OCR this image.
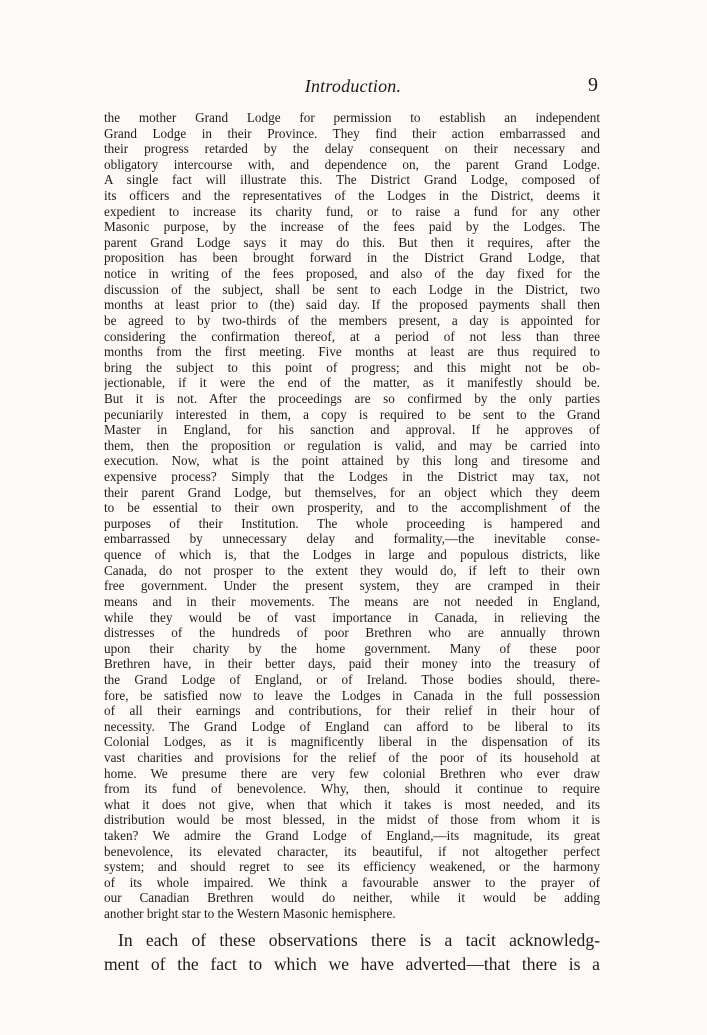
Introduction.	9

the mother Grand Lodge for permission to establish an independent
Grand Lodge in their Province. They find their action embarrassed and
their progress retarded by the delay consequent on their necessary and
obligatory intercourse with, and dependence on, the parent Grand Lodge.
A single fact will illustrate this. The District Grand Lodge, composed of
its officers and the representatives of the Lodges in the District, deems it
expedient to increase its charity fund, or to raise a fund for any other
Masonic purpose, by the increase of the fees paid by the Lodges. The
parent Grand Lodge says it may do this. But then it requires, after the
proposition has been brought forward in the District Grand Lodge, that
notice in writing of the fees proposed, and also of the day fixed for the
discussion of the subject, shall be sent to each Lodge in the District, two
months at least prior to (the) said day. If the proposed payments shall then
be agreed to by two-thirds of the members present, a day is appointed for
considering the confirmation thereof, at a period of not less than three
months from the first meeting. Five months at least are thus required to
bring the subject to this point of progress; and this might not be ob-
jectionable, if it were the end of the matter, as it manifestly should be.
But it is not. After the proceedings are so confirmed by the only parties
pecuniarily interested in them, a copy is required to be sent to the Grand
Master in England, for his sanction and approval. If he approves of
them, then the proposition or regulation is valid, and may be carried into
execution. Now, what is the point attained by this long and tiresome and
expensive process? Simply that the Lodges in the District may tax, not
their parent Grand Lodge, but themselves, for an object which they deem
to be essential to their own prosperity, and to the accomplishment of the
purposes of their Institution. The whole proceeding is hampered and
embarrassed by unnecessary delay and formality,—the inevitable conse-
quence of which is, that the Lodges in large and populous districts, like
Canada, do not prosper to the extent they would do, if left to their own
free government. Under the present system, they are cramped in their
means and in their movements. The means are not needed in England,
while they would be of vast importance in Canada, in relieving the
distresses of the hundreds of poor Brethren who are annually thrown
upon their charity by the home government. Many of these poor
Brethren have, in their better days, paid their money into the treasury of
the Grand Lodge of England, or of Ireland. Those bodies should, there-
fore, be satisfied now to leave the Lodges in Canada in the full possession
of all their earnings and contributions, for their relief in their hour of
necessity. The Grand Lodge of England can afford to be liberal to its
Colonial Lodges, as it is magnificently liberal in the dispensation of its
vast charities and provisions for the relief of the poor of its household at
home. We presume there are very few colonial Brethren who ever draw
from its fund of benevolence. Why, then, should it continue to require
what it does not give, when that which it takes is most needed, and its
distribution would be most blessed, in the midst of those from whom it is
taken? We admire the Grand Lodge of England,—its magnitude, its great
benevolence, its elevated character, its beautiful, if not altogether perfect
system; and should regret to see its efficiency weakened, or the harmony
of its whole impaired. We think a favourable answer to the prayer of
our Canadian Brethren would do neither, while it would be adding
another bright star to the Western Masonic hemisphere.

In each of these observations there is a tacit acknowledg-
ment of the fact to which we have adverted—that there is a
